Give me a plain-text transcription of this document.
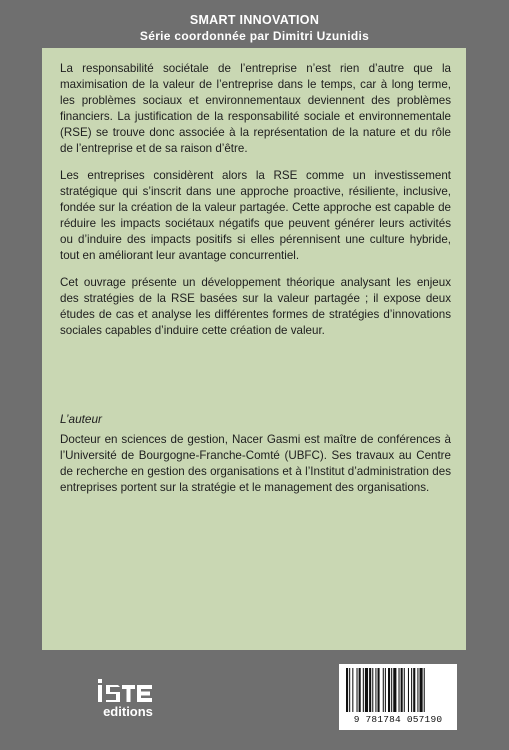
SMART INNOVATION
Série coordonnée par Dimitri Uzunidis

La responsabilité sociétale de l’entreprise n’est rien d’autre que la maximisation de la valeur de l’entreprise dans le temps, car à long terme, les problèmes sociaux et environnementaux deviennent des problèmes financiers. La justification de la responsabilité sociale et environnementale (RSE) se trouve donc associée à la représentation de la nature et du rôle de l’entreprise et de sa raison d’être.

Les entreprises considèrent alors la RSE comme un investissement stratégique qui s’inscrit dans une approche proactive, résiliente, inclusive, fondée sur la création de la valeur partagée. Cette approche est capable de réduire les impacts sociétaux négatifs que peuvent générer leurs activités ou d’induire des impacts positifs si elles pérennisent une culture hybride, tout en améliorant leur avantage concurrentiel.

Cet ouvrage présente un développement théorique analysant les enjeux des stratégies de la RSE basées sur la valeur partagée ; il expose deux études de cas et analyse les différentes formes de stratégies d’innovations sociales capables d’induire cette création de valeur.

L’auteur

Docteur en sciences de gestion, Nacer Gasmi est maître de conférences à l’Université de Bourgogne-Franche-Comté (UBFC). Ses travaux au Centre de recherche en gestion des organisations et à l’Institut d’administration des entreprises portent sur la stratégie et le management des organisations.

editions
9 781784 057190
